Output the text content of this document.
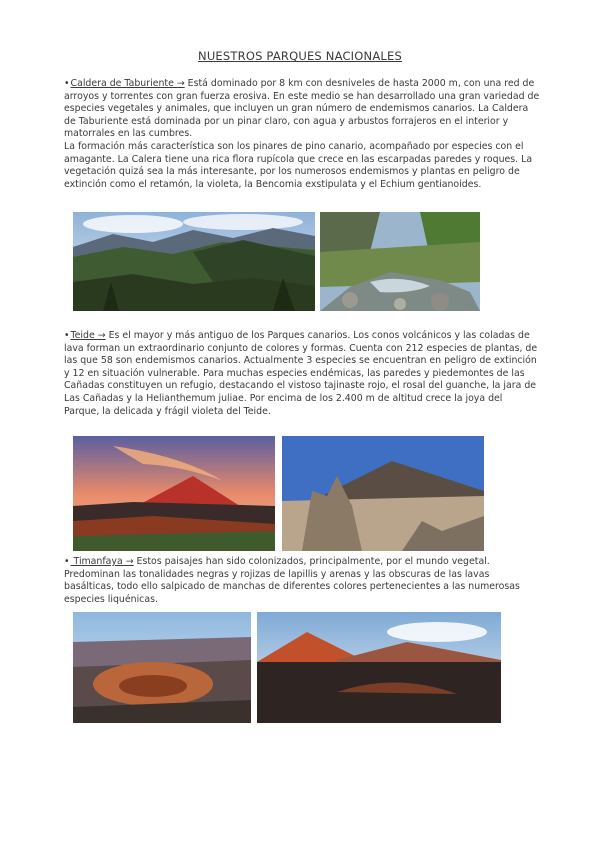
NUESTROS PARQUES NACIONALES

•Caldera de Taburiente → Está dominado por 8 km con desniveles de hasta 2000 m, con una red de arroyos y torrentes con gran fuerza erosiva. En este medio se han desarrollado una gran variedad de especies vegetales y animales, que incluyen un gran número de endemismos canarios. La Caldera de Taburiente está dominada por un pinar claro, con agua y arbustos forrajeros en el interior y matorrales en las cumbres.

La formación más característica son los pinares de pino canario, acompañado por especies con el amagante. La Calera tiene una rica flora rupícola que crece en las escarpadas paredes y roques. La vegetación quizá sea la más interesante, por los numerosos endemismos y plantas en peligro de extinción como el retamón, la violeta, la Bencomia exstipulata y el Echium gentianoides.

•Teide → Es el mayor y más antiguo de los Parques canarios. Los conos volcánicos y las coladas de lava forman un extraordinario conjunto de colores y formas. Cuenta con 212 especies de plantas, de las que 58 son endemismos canarios. Actualmente 3 especies se encuentran en peligro de extinción y 12 en situación vulnerable. Para muchas especies endémicas, las paredes y piedemontes de las Cañadas constituyen un refugio, destacando el vistoso tajinaste rojo, el rosal del guanche, la jara de Las Cañadas y la Helianthemum juliae. Por encima de los 2.400 m de altitud crece la joya del Parque, la delicada y frágil violeta del Teide.

• Timanfaya → Estos paisajes han sido colonizados, principalmente, por el mundo vegetal. Predominan las tonalidades negras y rojizas de lapillis y arenas y las obscuras de las lavas basálticas, todo ello salpicado de manchas de diferentes colores pertenecientes a las numerosas especies liquénicas.
